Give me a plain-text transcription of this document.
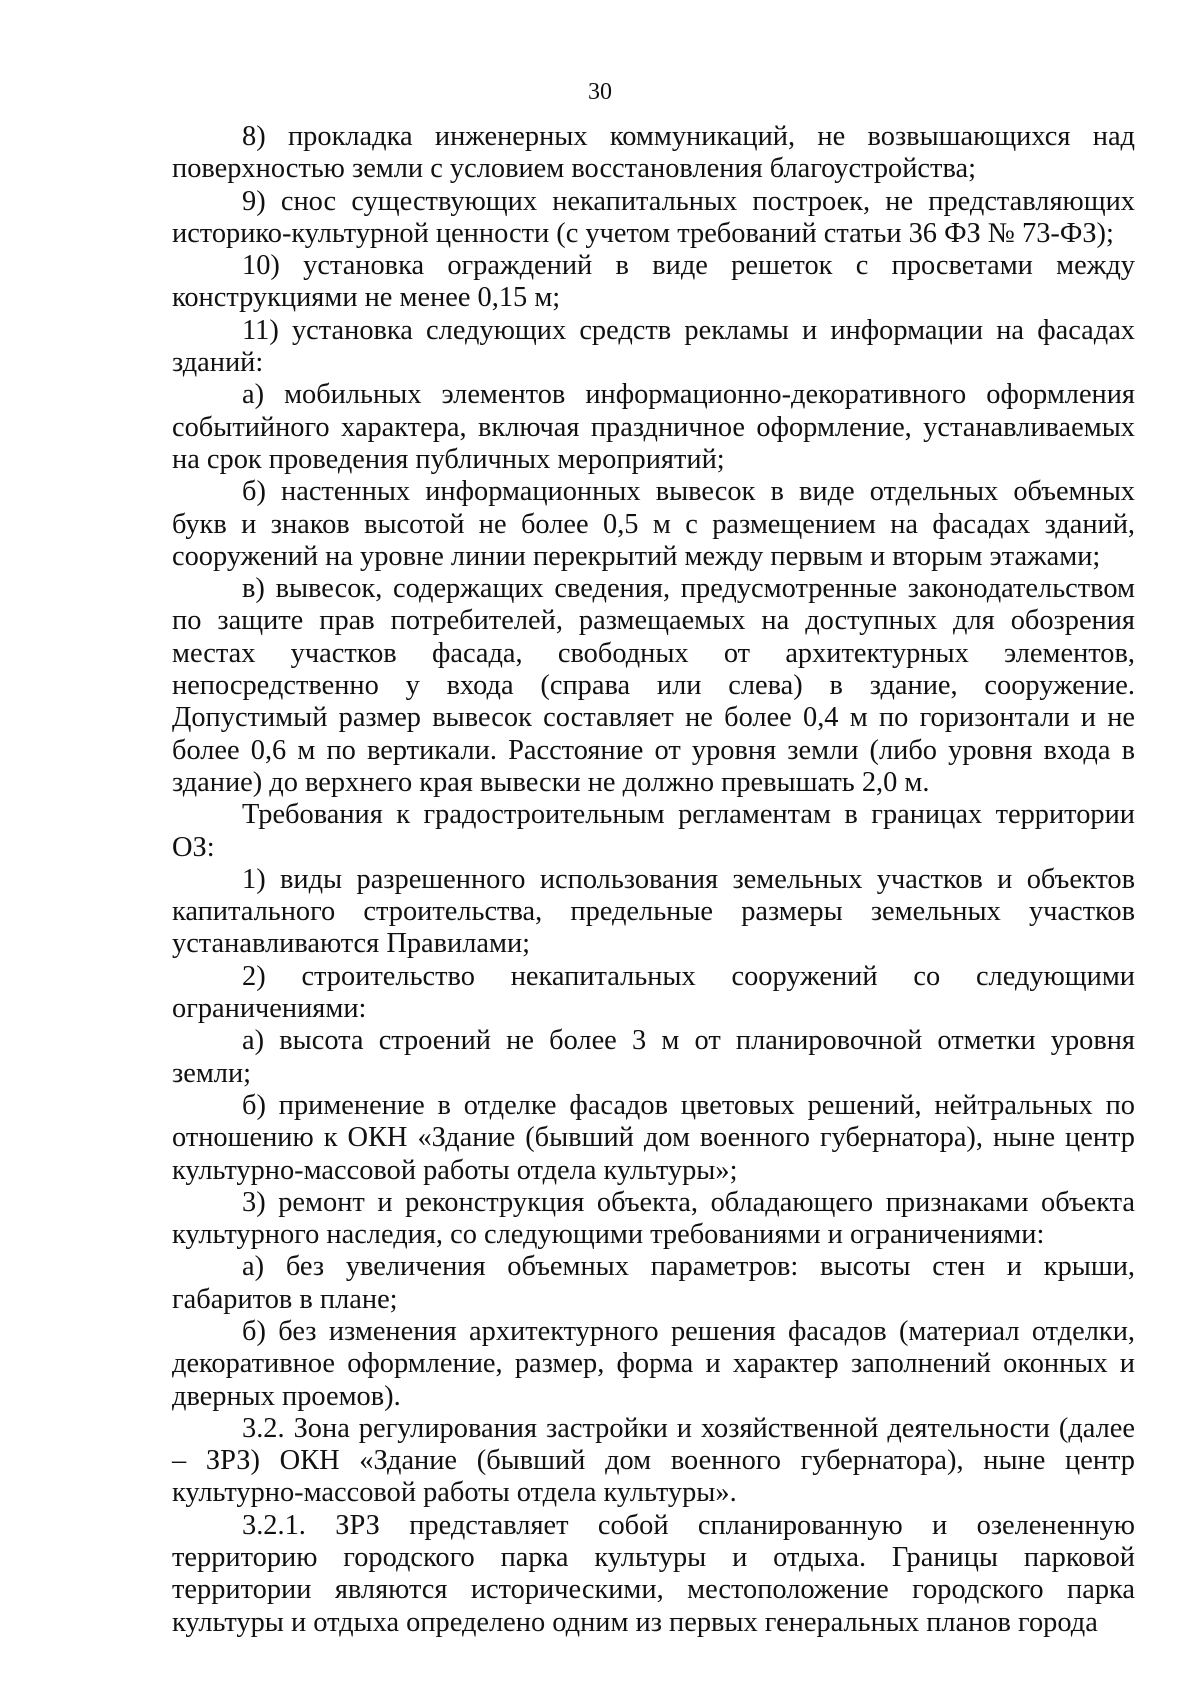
30

8) прокладка инженерных коммуникаций, не возвышающихся над поверхностью земли с условием восстановления благоустройства;

9) снос существующих некапитальных построек, не представляющих историко-культурной ценности (с учетом требований статьи 36 ФЗ № 73-ФЗ);

10) установка ограждений в виде решеток с просветами между конструкциями не менее 0,15 м;

11) установка следующих средств рекламы и информации на фасадах зданий:

а) мобильных элементов информационно-декоративного оформления событийного характера, включая праздничное оформление, устанавливаемых на срок проведения публичных мероприятий;

б) настенных информационных вывесок в виде отдельных объемных букв и знаков высотой не более 0,5 м с размещением на фасадах зданий, сооружений на уровне линии перекрытий между первым и вторым этажами;

в) вывесок, содержащих сведения, предусмотренные законодательством по защите прав потребителей, размещаемых на доступных для обозрения местах участков фасада, свободных от архитектурных элементов, непосредственно у входа (справа или слева) в здание, сооружение. Допустимый размер вывесок составляет не более 0,4 м по горизонтали и не более 0,6 м по вертикали. Расстояние от уровня земли (либо уровня входа в здание) до верхнего края вывески не должно превышать 2,0 м.

Требования к градостроительным регламентам в границах территории ОЗ:

1) виды разрешенного использования земельных участков и объектов капитального строительства, предельные размеры земельных участков устанавливаются Правилами;

2) строительство некапитальных сооружений со следующими ограничениями:

а) высота строений не более 3 м от планировочной отметки уровня земли;

б) применение в отделке фасадов цветовых решений, нейтральных по отношению к ОКН «Здание (бывший дом военного губернатора), ныне центр культурно-массовой работы отдела культуры»;

3) ремонт и реконструкция объекта, обладающего признаками объекта культурного наследия, со следующими требованиями и ограничениями:

а) без увеличения объемных параметров: высоты стен и крыши, габаритов в плане;

б) без изменения архитектурного решения фасадов (материал отделки, декоративное оформление, размер, форма и характер заполнений оконных и дверных проемов).

3.2. Зона регулирования застройки и хозяйственной деятельности (далее – ЗРЗ) ОКН «Здание (бывший дом военного губернатора), ныне центр культурно-массовой работы отдела культуры».

3.2.1. ЗРЗ представляет собой спланированную и озелененную территорию городского парка культуры и отдыха. Границы парковой территории являются историческими, местоположение городского парка культуры и отдыха определено одним из первых генеральных планов города
